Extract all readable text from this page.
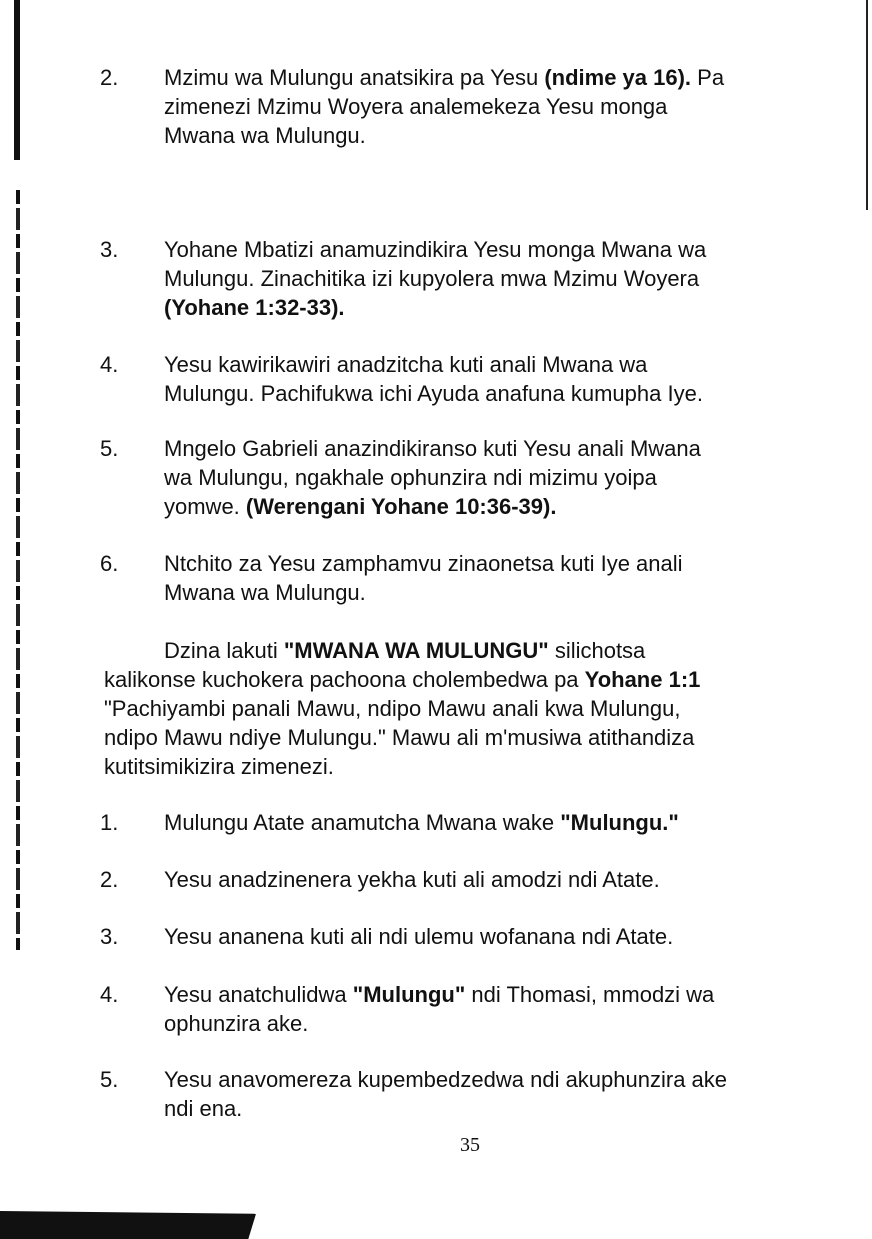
2.	Mzimu wa Mulungu anatsikira pa Yesu (ndime ya 16). Pa
zimenezi Mzimu Woyera analemekeza Yesu monga
Mwana wa Mulungu.
3.	Yohane Mbatizi anamuzindikira Yesu monga Mwana wa
Mulungu. Zinachitika izi kupyolera mwa Mzimu Woyera
(Yohane 1:32-33).
4.	Yesu kawirikawiri anadzitcha kuti anali Mwana wa
Mulungu. Pachifukwa ichi Ayuda anafuna kumupha Iye.
5.	Mngelo Gabrieli anazindikiranso kuti Yesu anali Mwana
wa Mulungu, ngakhale ophunzira ndi mizimu yoipa
yomwe. (Werengani Yohane 10:36-39).
6.	Ntchito za Yesu zamphamvu zinaonetsa kuti Iye anali
Mwana wa Mulungu.
Dzina lakuti "MWANA WA MULUNGU" silichotsa
kalikonse kuchokera pachoona cholembedwa pa Yohane 1:1
"Pachiyambi panali Mawu, ndipo Mawu anali kwa Mulungu,
ndipo Mawu ndiye Mulungu." Mawu ali m'musiwa atithandiza
kutitsimikizira zimenezi.
1.	Mulungu Atate anamutcha Mwana wake "Mulungu."
2.	Yesu anadzinenera yekha kuti ali amodzi ndi Atate.
3.	Yesu ananena kuti ali ndi ulemu wofanana ndi Atate.
4.	Yesu anatchulidwa "Mulungu" ndi Thomasi, mmodzi wa
ophunzira ake.
5.	Yesu anavomereza kupembedzedwa ndi akuphunzira ake
ndi ena.
35
